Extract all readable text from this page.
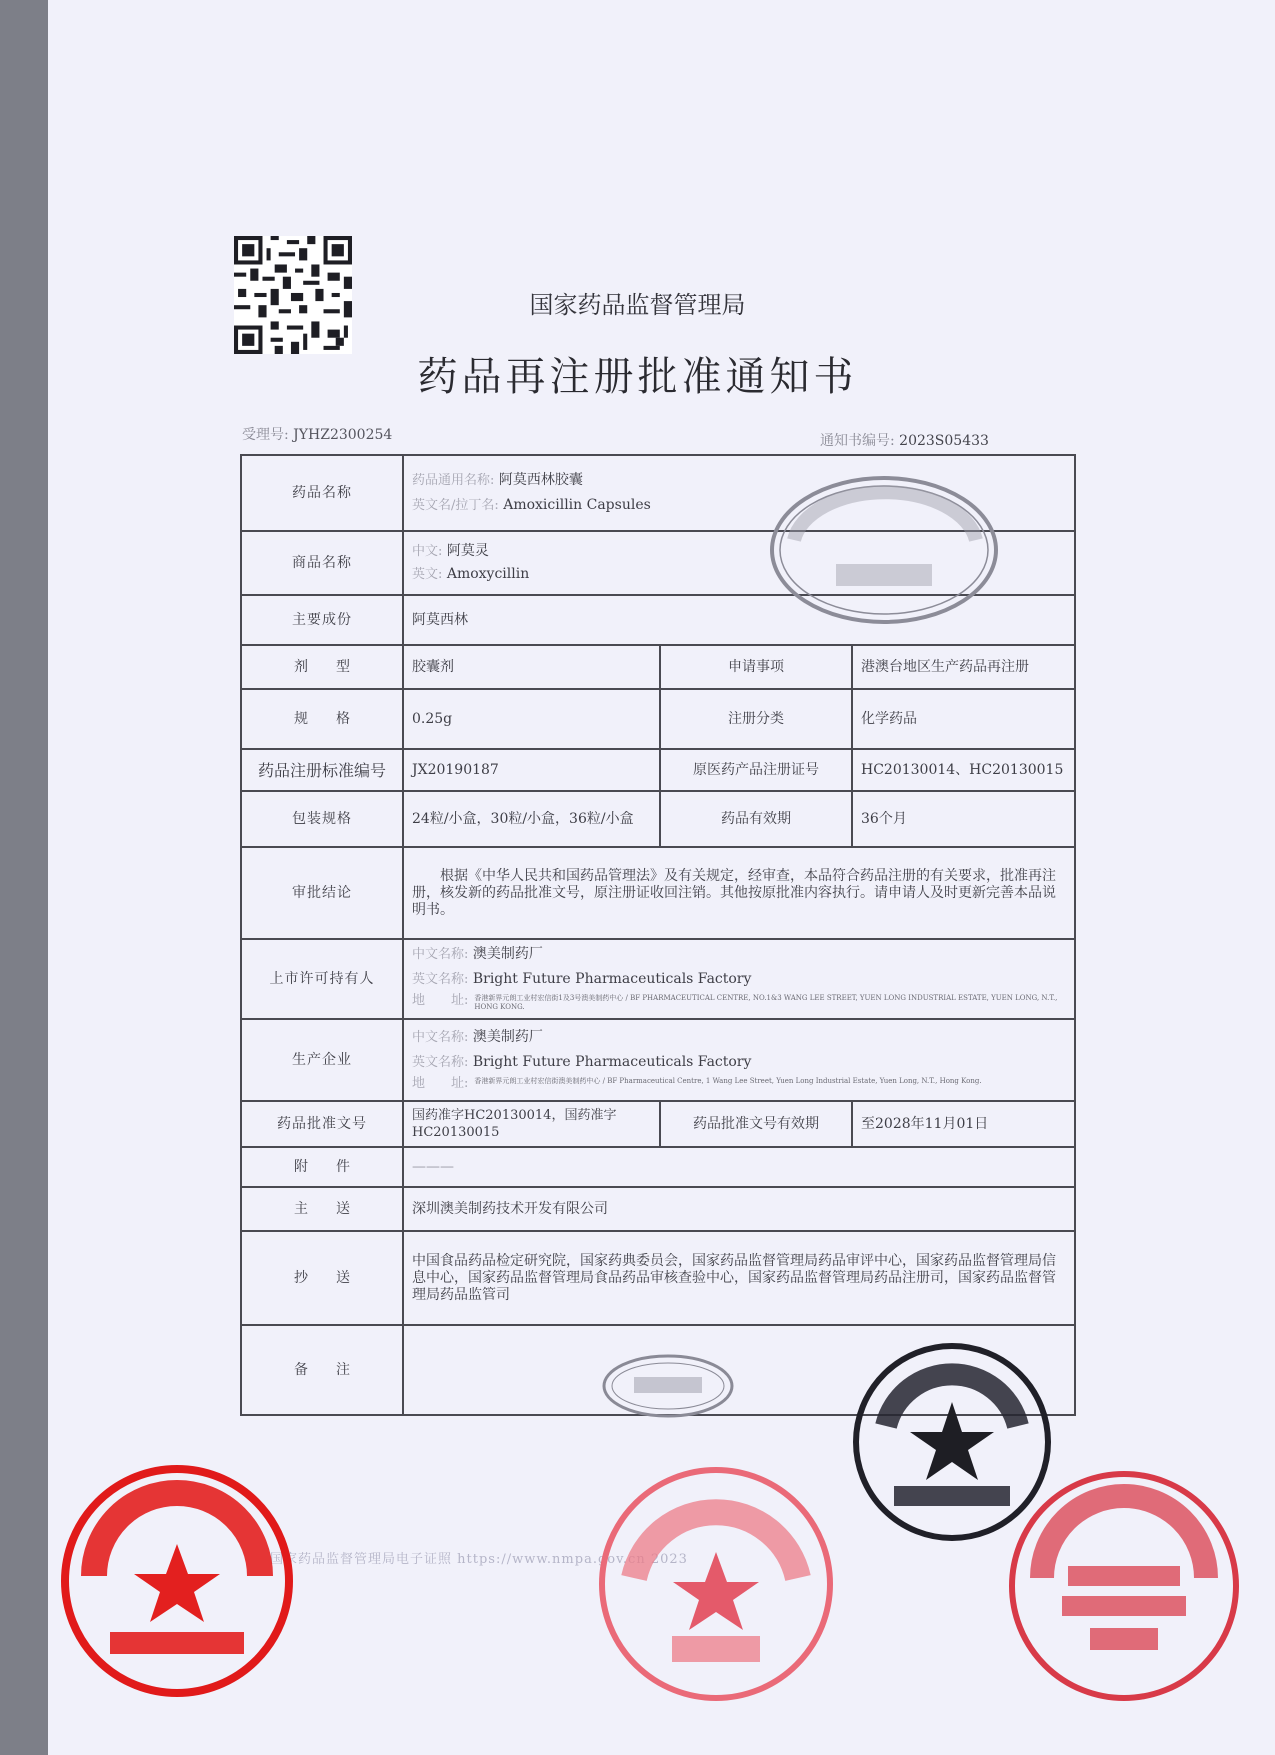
国家药品监督管理局
药品再注册批准通知书
受理号: JYHZ2300254	通知书编号: 2023S05433
药品名称	药品通用名称: 阿莫西林胶囊
英文名/拉丁名: Amoxicillin Capsules		

商品名称	中文: 阿莫灵
英文: Amoxycillin		

主要成份	阿莫西林		
剂型	胶囊剂	申请事项	港澳台地区生产药品再注册
规格	0.25g	注册分类	化学药品
药品注册标准编号	JX20190187	原医药产品注册证号	HC20130014、HC20130015
包装规格	24粒/小盒，30粒/小盒，36粒/小盒	药品有效期	36个月
审批结论	根据《中华人民共和国药品管理法》及有关规定，经审查，本品符合药品注册的有关要求，批准再注册，核发新的药品批准文号，原注册证收回注销。其他按原批准内容执行。请申请人及时更新完善本品说明书。		
上市许可持有人	中文名称: 澳美制药厂
英文名称: Bright Future Pharmaceuticals Factory
地　　址: 香港新界元朗工业村宏信街1及3号澳美制药中心 / BF PHARMACEUTICAL CENTRE, NO.1&3 WANG LEE STREET, YUEN LONG INDUSTRIAL ESTATE, YUEN LONG, N.T., HONG KONG.		

生产企业	中文名称: 澳美制药厂
英文名称: Bright Future Pharmaceuticals Factory
地　　址: 香港新界元朗工业村宏信街澳美制药中心 / BF Pharmaceutical Centre, 1 Wang Lee Street, Yuen Long Industrial Estate, Yuen Long, N.T., Hong Kong.		

药品批准文号	国药准字HC20130014，国药准字HC20130015	药品批准文号有效期	至2028年11月01日
附件	———		
主送	深圳澳美制药技术开发有限公司		
抄送	中国食品药品检定研究院，国家药典委员会，国家药品监督管理局药品审评中心，国家药品监督管理局信息中心，国家药品监督管理局食品药品审核查验中心，国家药品监督管理局药品注册司，国家药品监督管理局药品监管司		
备注			
国家药品监督管理局电子证照 https://www.nmpa.gov.cn 2023
